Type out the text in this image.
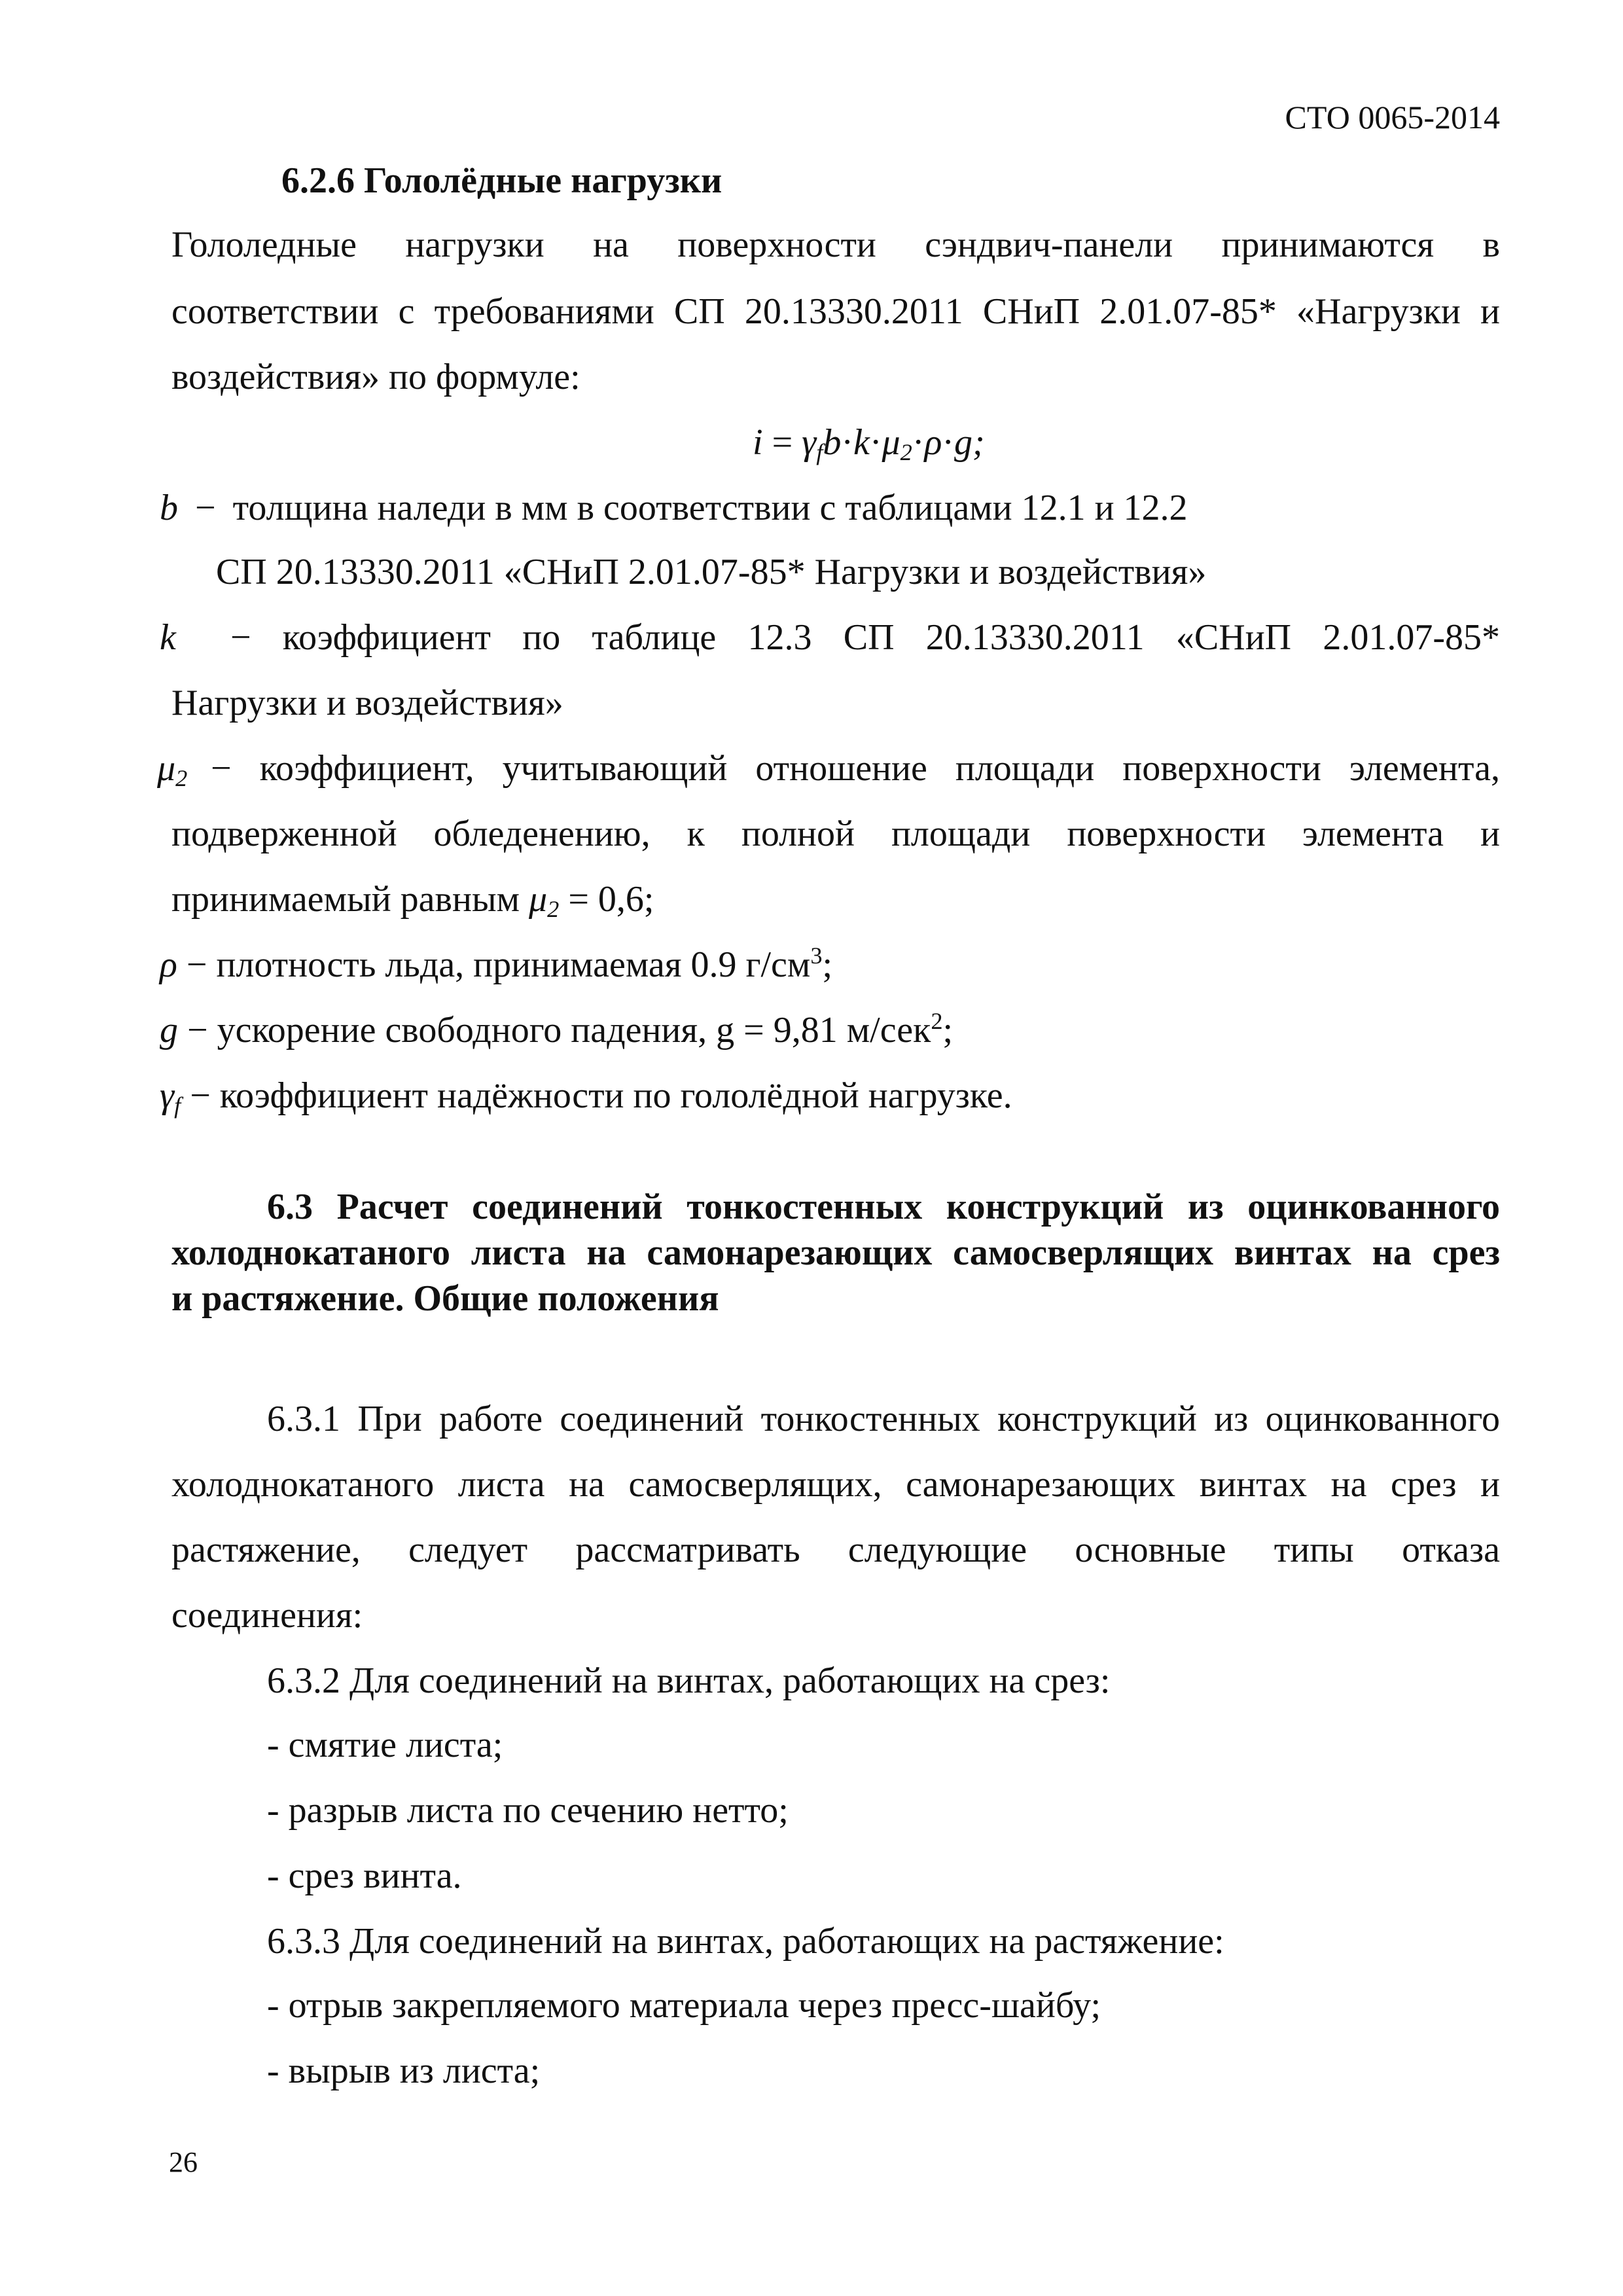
СТО 0065-2014
6.2.6 Гололёдные нагрузки
Гололедные нагрузки на поверхности сэндвич-панели принимаются в
соответствии с требованиями СП 20.13330.2011 СНиП 2.01.07-85* «Нагрузки и
воздействия» по формуле:
$i = \gamma_fb\cdot k\cdot\mu_2\cdot\rho\cdot g$;
b − толщина наледи в мм в соответствии с таблицами 12.1 и 12.2
СП 20.13330.2011 «СНиП 2.01.07-85* Нагрузки и воздействия»
k − коэффициент по таблице 12.3 СП 20.13330.2011 «СНиП 2.01.07-85*
Нагрузки и воздействия»
$\mu_2$ − коэффициент, учитывающий отношение площади поверхности элемента,
подверженной обледенению, к полной площади поверхности элемента и
принимаемый равным $\mu_2 = 0,6$;
ρ − плотность льда, принимаемая 0.9 $г/см^3$;
g − ускорение свободного падения, g = 9,81 м/сек$^2$;
$\gamma_f$ − коэффициент надёжности по гололёдной нагрузке.
6.3 Расчет соединений тонкостенных конструкций из оцинкованного
холоднокатаного листа на самонарезающих самосверлящих винтах на срез
и растяжение. Общие положения
6.3.1 При работе соединений тонкостенных конструкций из оцинкованного
холоднокатаного листа на самосверлящих, самонарезающих винтах на срез и
растяжение, следует рассматривать следующие основные типы отказа
соединения:
6.3.2 Для соединений на винтах, работающих на срез:
- смятие листа;
- разрыв листа по сечению нетто;
- срез винта.
6.3.3 Для соединений на винтах, работающих на растяжение:
- отрыв закрепляемого материала через пресс-шайбу;
- вырыв из листа;
26
